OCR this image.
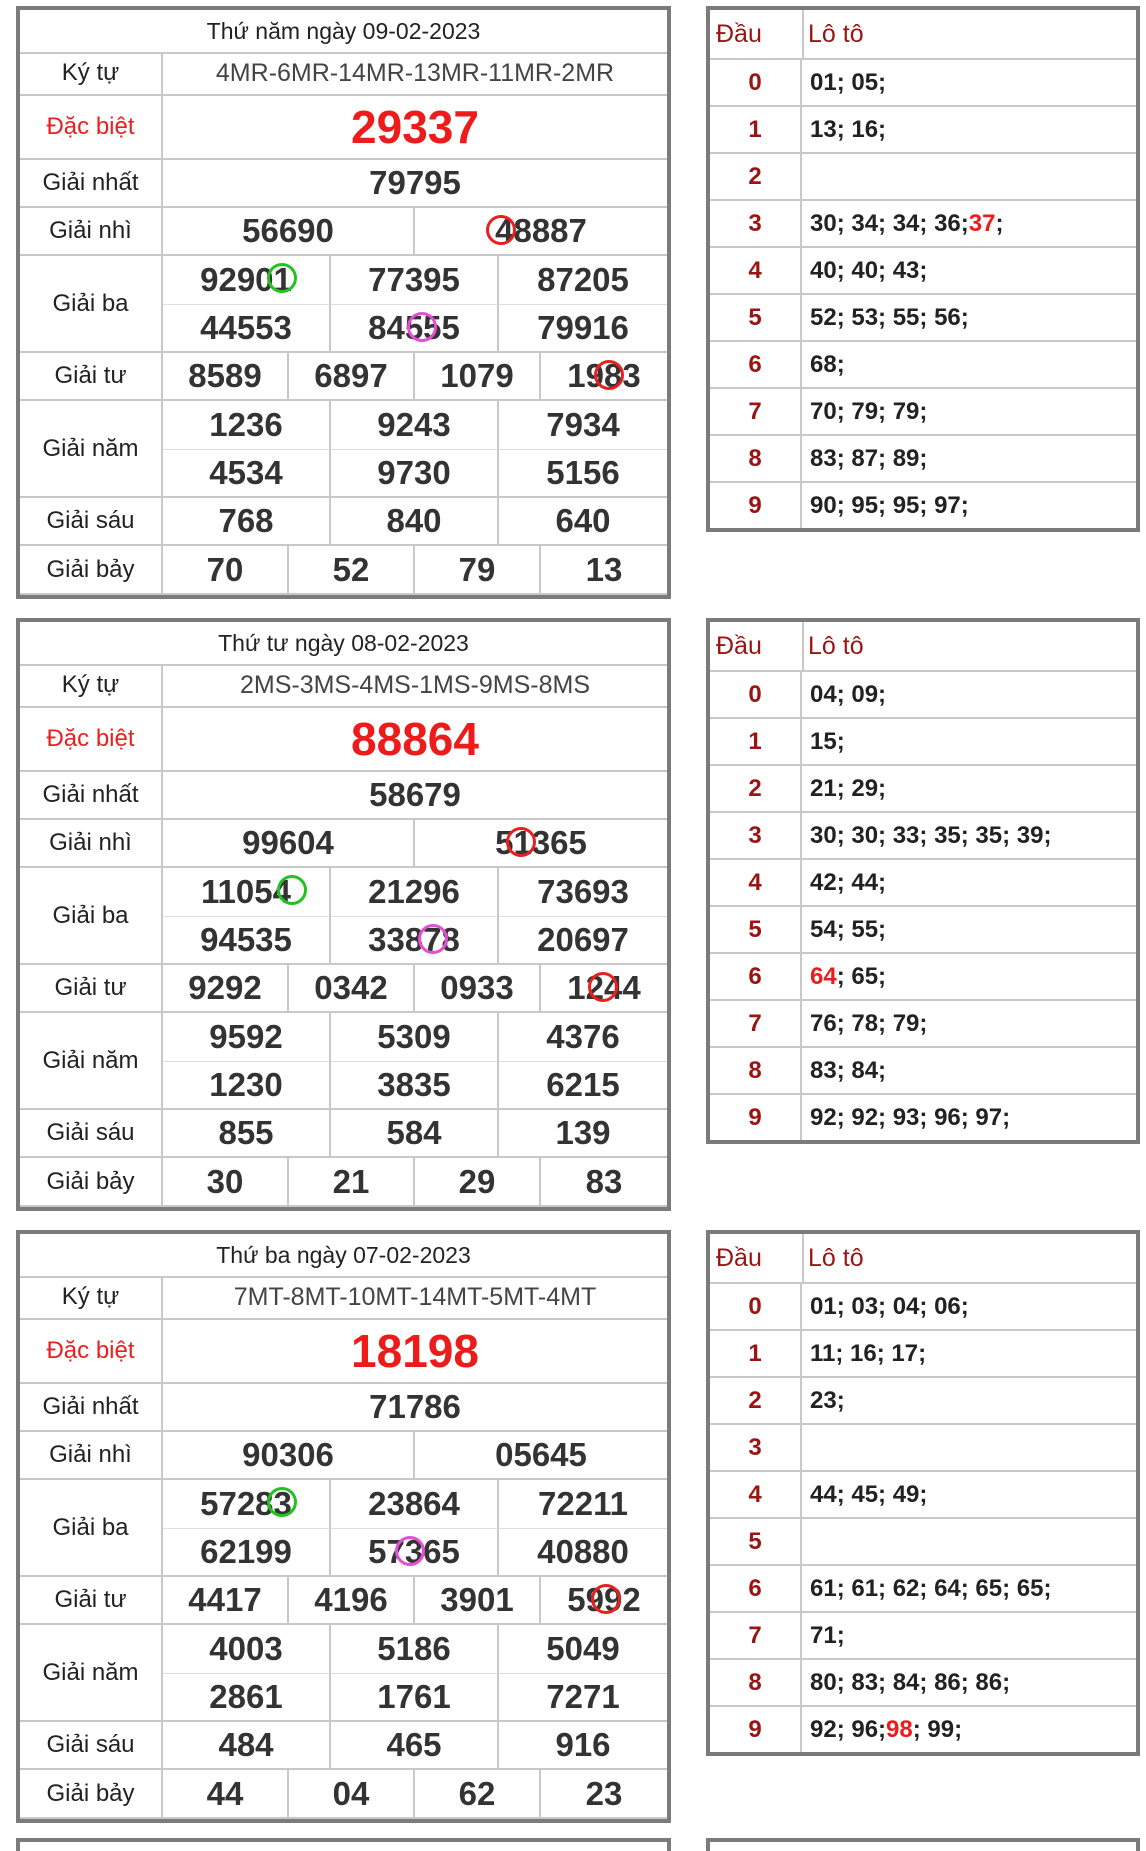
Thứ năm ngày 09-02-2023
Ký tự	4MR-6MR-14MR-13MR-11MR-2MR
Đặc biệt	29337
Giải nhất	79795
Giải nhì	56690	48887
Giải ba
92901	77395	87205
44553	84555	79916
Giải tư	8589	6897	1079	1983
Giải năm
1236	9243	7934
4534	9730	5156
Giải sáu	768	840	640
Giải bảy	70	52	79	13
Đầu Lô tô
0	01; 05;
1	13; 16;
2
3	30; 34; 34; 36; 37 ;
4	40; 40; 43;
5	52; 53; 55; 56;
6	68;
7	70; 79; 79;
8	83; 87; 89;
9	90; 95; 95; 97;
Thứ tư ngày 08-02-2023
Ký tự	2MS-3MS-4MS-1MS-9MS-8MS
Đặc biệt	88864
Giải nhất	58679
Giải nhì	99604	51365
Giải ba
11054	21296	73693
94535	33878	20697
Giải tư	9292	0342	0933	1244
Giải năm
9592	5309	4376
1230	3835	6215
Giải sáu	855	584	139
Giải bảy	30	21	29	83
Đầu Lô tô
0	04; 09;
1	15;
2	21; 29;
3	30; 30; 33; 35; 35; 39;
4	42; 44;
5	54; 55;
6	64 ; 65;
7	76; 78; 79;
8	83; 84;
9	92; 92; 93; 96; 97;
Thứ ba ngày 07-02-2023
Ký tự	7MT-8MT-10MT-14MT-5MT-4MT
Đặc biệt	18198
Giải nhất	71786
Giải nhì	90306	05645
Giải ba
57283	23864	72211
62199	57365	40880
Giải tư	4417	4196	3901	5992
Giải năm
4003	5186	5049
2861	1761	7271
Giải sáu	484	465	916
Giải bảy	44	04	62	23
Đầu Lô tô
0	01; 03; 04; 06;
1	11; 16; 17;
2	23;
3
4	44; 45; 49;
5
6	61; 61; 62; 64; 65; 65;
7	71;
8	80; 83; 84; 86; 86;
9	92; 96; 98 ; 99;
